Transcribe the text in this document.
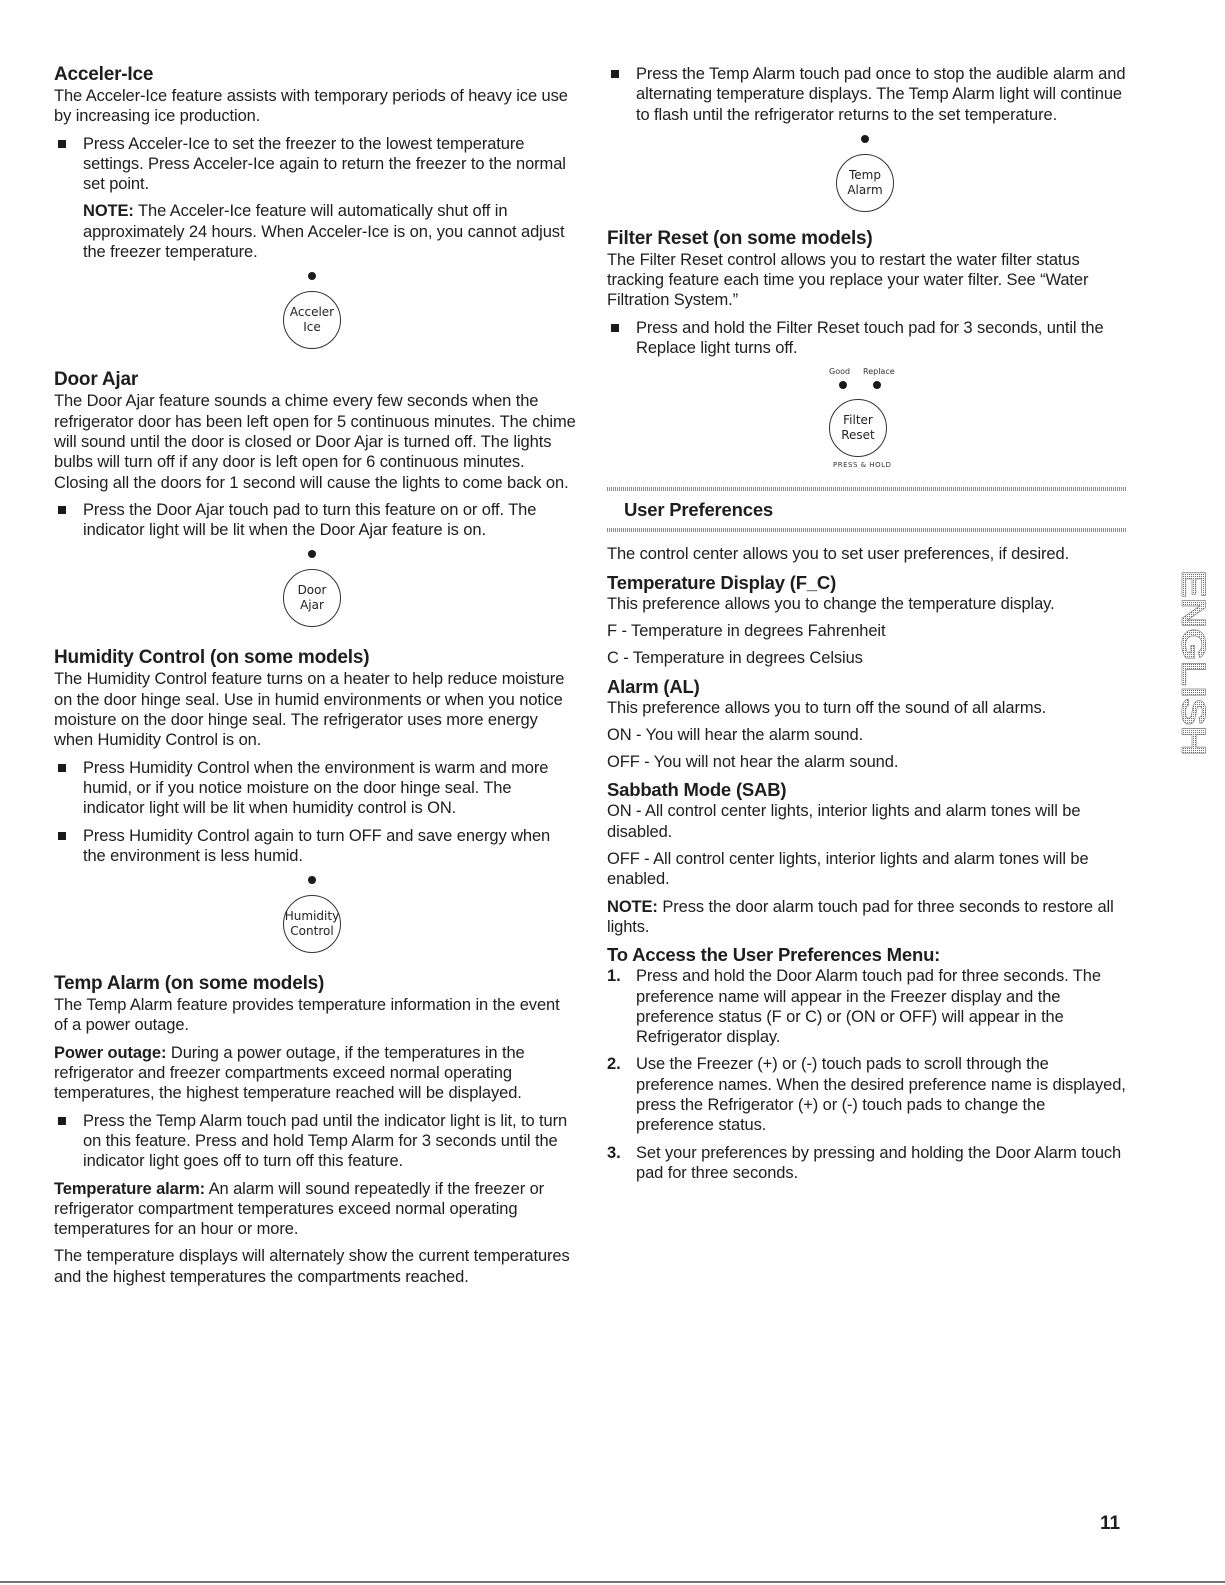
Acceler-Ice

The Acceler-Ice feature assists with temporary periods of heavy ice use by increasing ice production.

Press Acceler-Ice to set the freezer to the lowest temperature settings. Press Acceler-Ice again to return the freezer to the normal set point.

NOTE: The Acceler-Ice feature will automatically shut off in approximately 24 hours. When Acceler-Ice is on, you cannot adjust the freezer temperature.

Acceler
Ice
Door Ajar

The Door Ajar feature sounds a chime every few seconds when the refrigerator door has been left open for 5 continuous minutes. The chime will sound until the door is closed or Door Ajar is turned off. The lights bulbs will turn off if any door is left open for 6 continuous minutes. Closing all the doors for 1 second will cause the lights to come back on.

Press the Door Ajar touch pad to turn this feature on or off. The indicator light will be lit when the Door Ajar feature is on.
Door
Ajar
Humidity Control (on some models)

The Humidity Control feature turns on a heater to help reduce moisture on the door hinge seal. Use in humid environments or when you notice moisture on the door hinge seal. The refrigerator uses more energy when Humidity Control is on.

Press Humidity Control when the environment is warm and more humid, or if you notice moisture on the door hinge seal. The indicator light will be lit when humidity control is ON.
Press Humidity Control again to turn OFF and save energy when the environment is less humid.
Humidity
Control
Temp Alarm (on some models)

The Temp Alarm feature provides temperature information in the event of a power outage.

Power outage: During a power outage, if the temperatures in the refrigerator and freezer compartments exceed normal operating temperatures, the highest temperature reached will be displayed.

Press the Temp Alarm touch pad until the indicator light is lit, to turn on this feature. Press and hold Temp Alarm for 3 seconds until the indicator light goes off to turn off this feature.

Temperature alarm: An alarm will sound repeatedly if the freezer or refrigerator compartment temperatures exceed normal operating temperatures for an hour or more.

The temperature displays will alternately show the current temperatures and the highest temperatures the compartments reached.

Press the Temp Alarm touch pad once to stop the audible alarm and alternating temperature displays. The Temp Alarm light will continue to flash until the refrigerator returns to the set temperature.
Temp
Alarm
Filter Reset (on some models)

The Filter Reset control allows you to restart the water filter status tracking feature each time you replace your water filter. See “Water Filtration System.”

Press and hold the Filter Reset touch pad for 3 seconds, until the Replace light turns off.
Good Replace
Filter
Reset
PRESS & HOLD
User Preferences

The control center allows you to set user preferences, if desired.

Temperature Display (F_C)

This preference allows you to change the temperature display.

F - Temperature in degrees Fahrenheit

C - Temperature in degrees Celsius

Alarm (AL)

This preference allows you to turn off the sound of all alarms.

ON - You will hear the alarm sound.

OFF - You will not hear the alarm sound.

Sabbath Mode (SAB)

ON - All control center lights, interior lights and alarm tones will be disabled.

OFF - All control center lights, interior lights and alarm tones will be enabled.

NOTE: Press the door alarm touch pad for three seconds to restore all lights.

To Access the User Preferences Menu:
1. Press and hold the Door Alarm touch pad for three seconds. The preference name will appear in the Freezer display and the preference status (F or C) or (ON or OFF) will appear in the Refrigerator display.
2. Use the Freezer (+) or (-) touch pads to scroll through the preference names. When the desired preference name is displayed, press the Refrigerator (+) or (-) touch pads to change the preference status.
3. Set your preferences by pressing and holding the Door Alarm touch pad for three seconds.
ENGLISH
11
